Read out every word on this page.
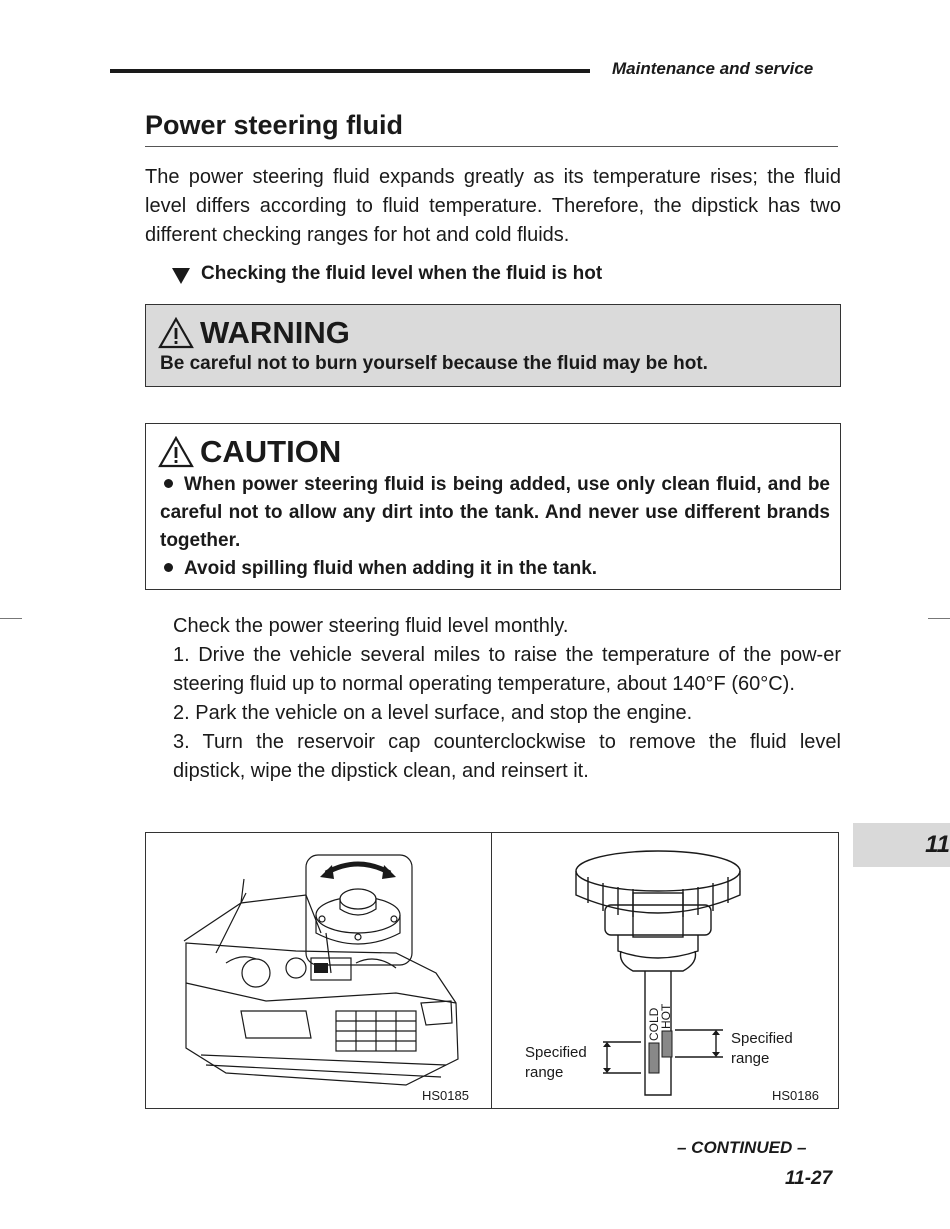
Maintenance and service
11
Power steering fluid

The power steering fluid expands greatly as its temperature rises; the fluid level differs according to fluid temperature. Therefore, the dipstick has two different checking ranges for hot and cold fluids.

Checking the fluid level when the fluid is hot
WARNING
Be careful not to burn yourself because the fluid may be hot.
CAUTION
When power steering fluid is being added, use only clean fluid, and be careful not to allow any dirt into the tank. And never use different brands together.
Avoid spilling fluid when adding it in the tank.

Check the power steering fluid level monthly.

1. Drive the vehicle several miles to raise the temperature of the pow-er steering fluid up to normal operating temperature, about 140°F (60°C).

2. Park the vehicle on a level surface, and stop the engine.

3. Turn the reservoir cap counterclockwise to remove the fluid level dipstick, wipe the dipstick clean, and reinsert it.

COLD
HOT
Specified
range
Specified
range
HS0185	HS0186
– CONTINUED –
11-27
